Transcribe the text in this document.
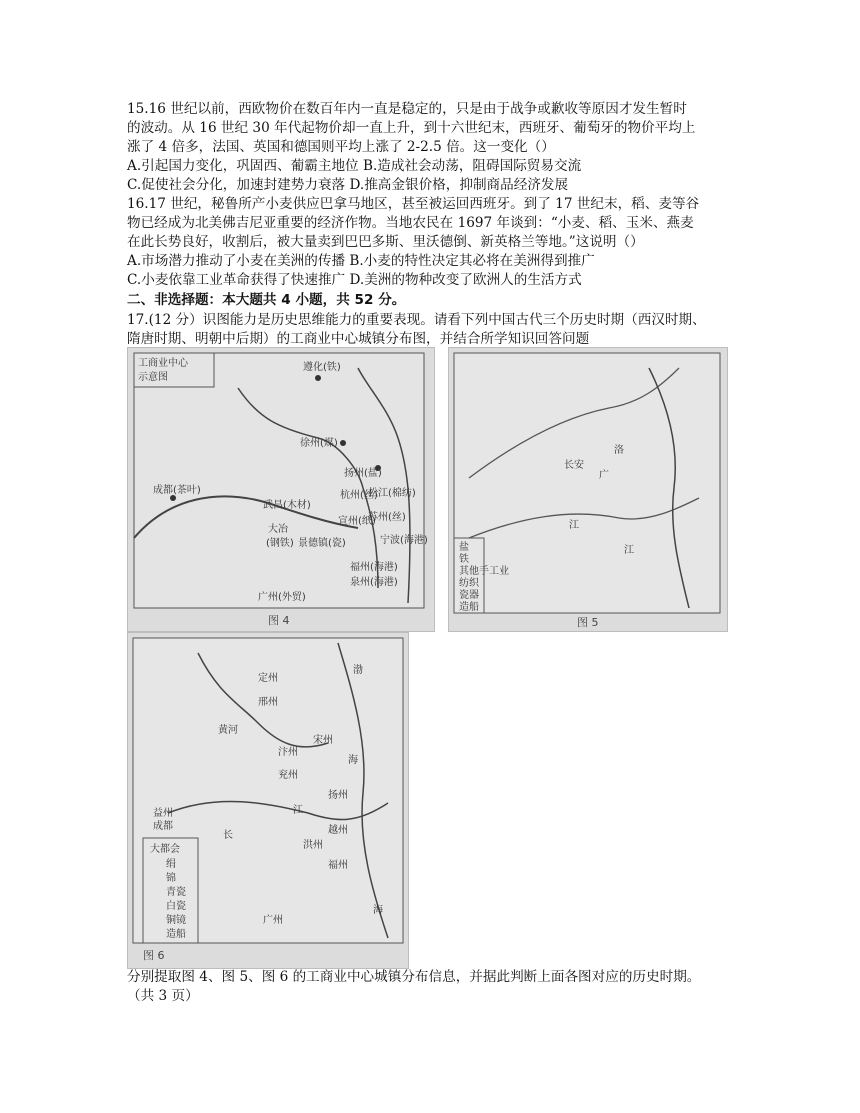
15.16 世纪以前，西欧物价在数百年内一直是稳定的，只是由于战争或歉收等原因才发生暂时
的波动。从 16 世纪 30 年代起物价却一直上升，到十六世纪末，西班牙、葡萄牙的物价平均上
涨了 4 倍多，法国、英国和德国则平均上涨了 2-2.5 倍。这一变化（）
A.引起国力变化，巩固西、葡霸主地位 B.造成社会动荡，阻碍国际贸易交流
C.促使社会分化，加速封建势力衰落 D.推高金银价格，抑制商品经济发展
16.17 世纪，秘鲁所产小麦供应巴拿马地区，甚至被运回西班牙。到了 17 世纪末，稻、麦等谷
物已经成为北美佛吉尼亚重要的经济作物。当地农民在 1697 年谈到：“小麦、稻、玉米、燕麦
在此长势良好，收割后，被大量卖到巴巴多斯、里沃德倒、新英格兰等地。”这说明（）
A.市场潜力推动了小麦在美洲的传播 B.小麦的特性决定其必将在美洲得到推广
C.小麦依靠工业革命获得了快速推广 D.美洲的物种改变了欧洲人的生活方式
二、非选择题：本大题共 4 小题，共 52 分。
17.(12 分）识图能力是历史思维能力的重要表现。请看下列中国古代三个历史时期（西汉时期、
隋唐时期、明朝中后期）的工商业中心城镇分布图，并结合所学知识回答问题
工商业中心
示意图
遵化(铁)
徐州(煤)
扬州(盐)
松江(棉纺)
成都(茶叶)
武昌(木材)
杭州(丝)
宣州(纸)
苏州(丝)
宁波(海港)
大冶
(钢铁) 景德镇(瓷)
福州(海港)
泉州(海港)
广州(外贸)
图 4
长安
洛
广
江
江
盐
铁
其他手工业
纺织
瓷器
造船
图 5
定州
邢州
黄河
汴州
宋州
兖州
越州
益州
成都
扬州
江
长
福州
洪州
广州
海
海
渤
大都会
绢
锦
青瓷
白瓷
铜镜
造船
图 6
分别提取图 4、图 5、图 6 的工商业中心城镇分布信息，并据此判断上面各图对应的历史时期。
（共 3 页）
